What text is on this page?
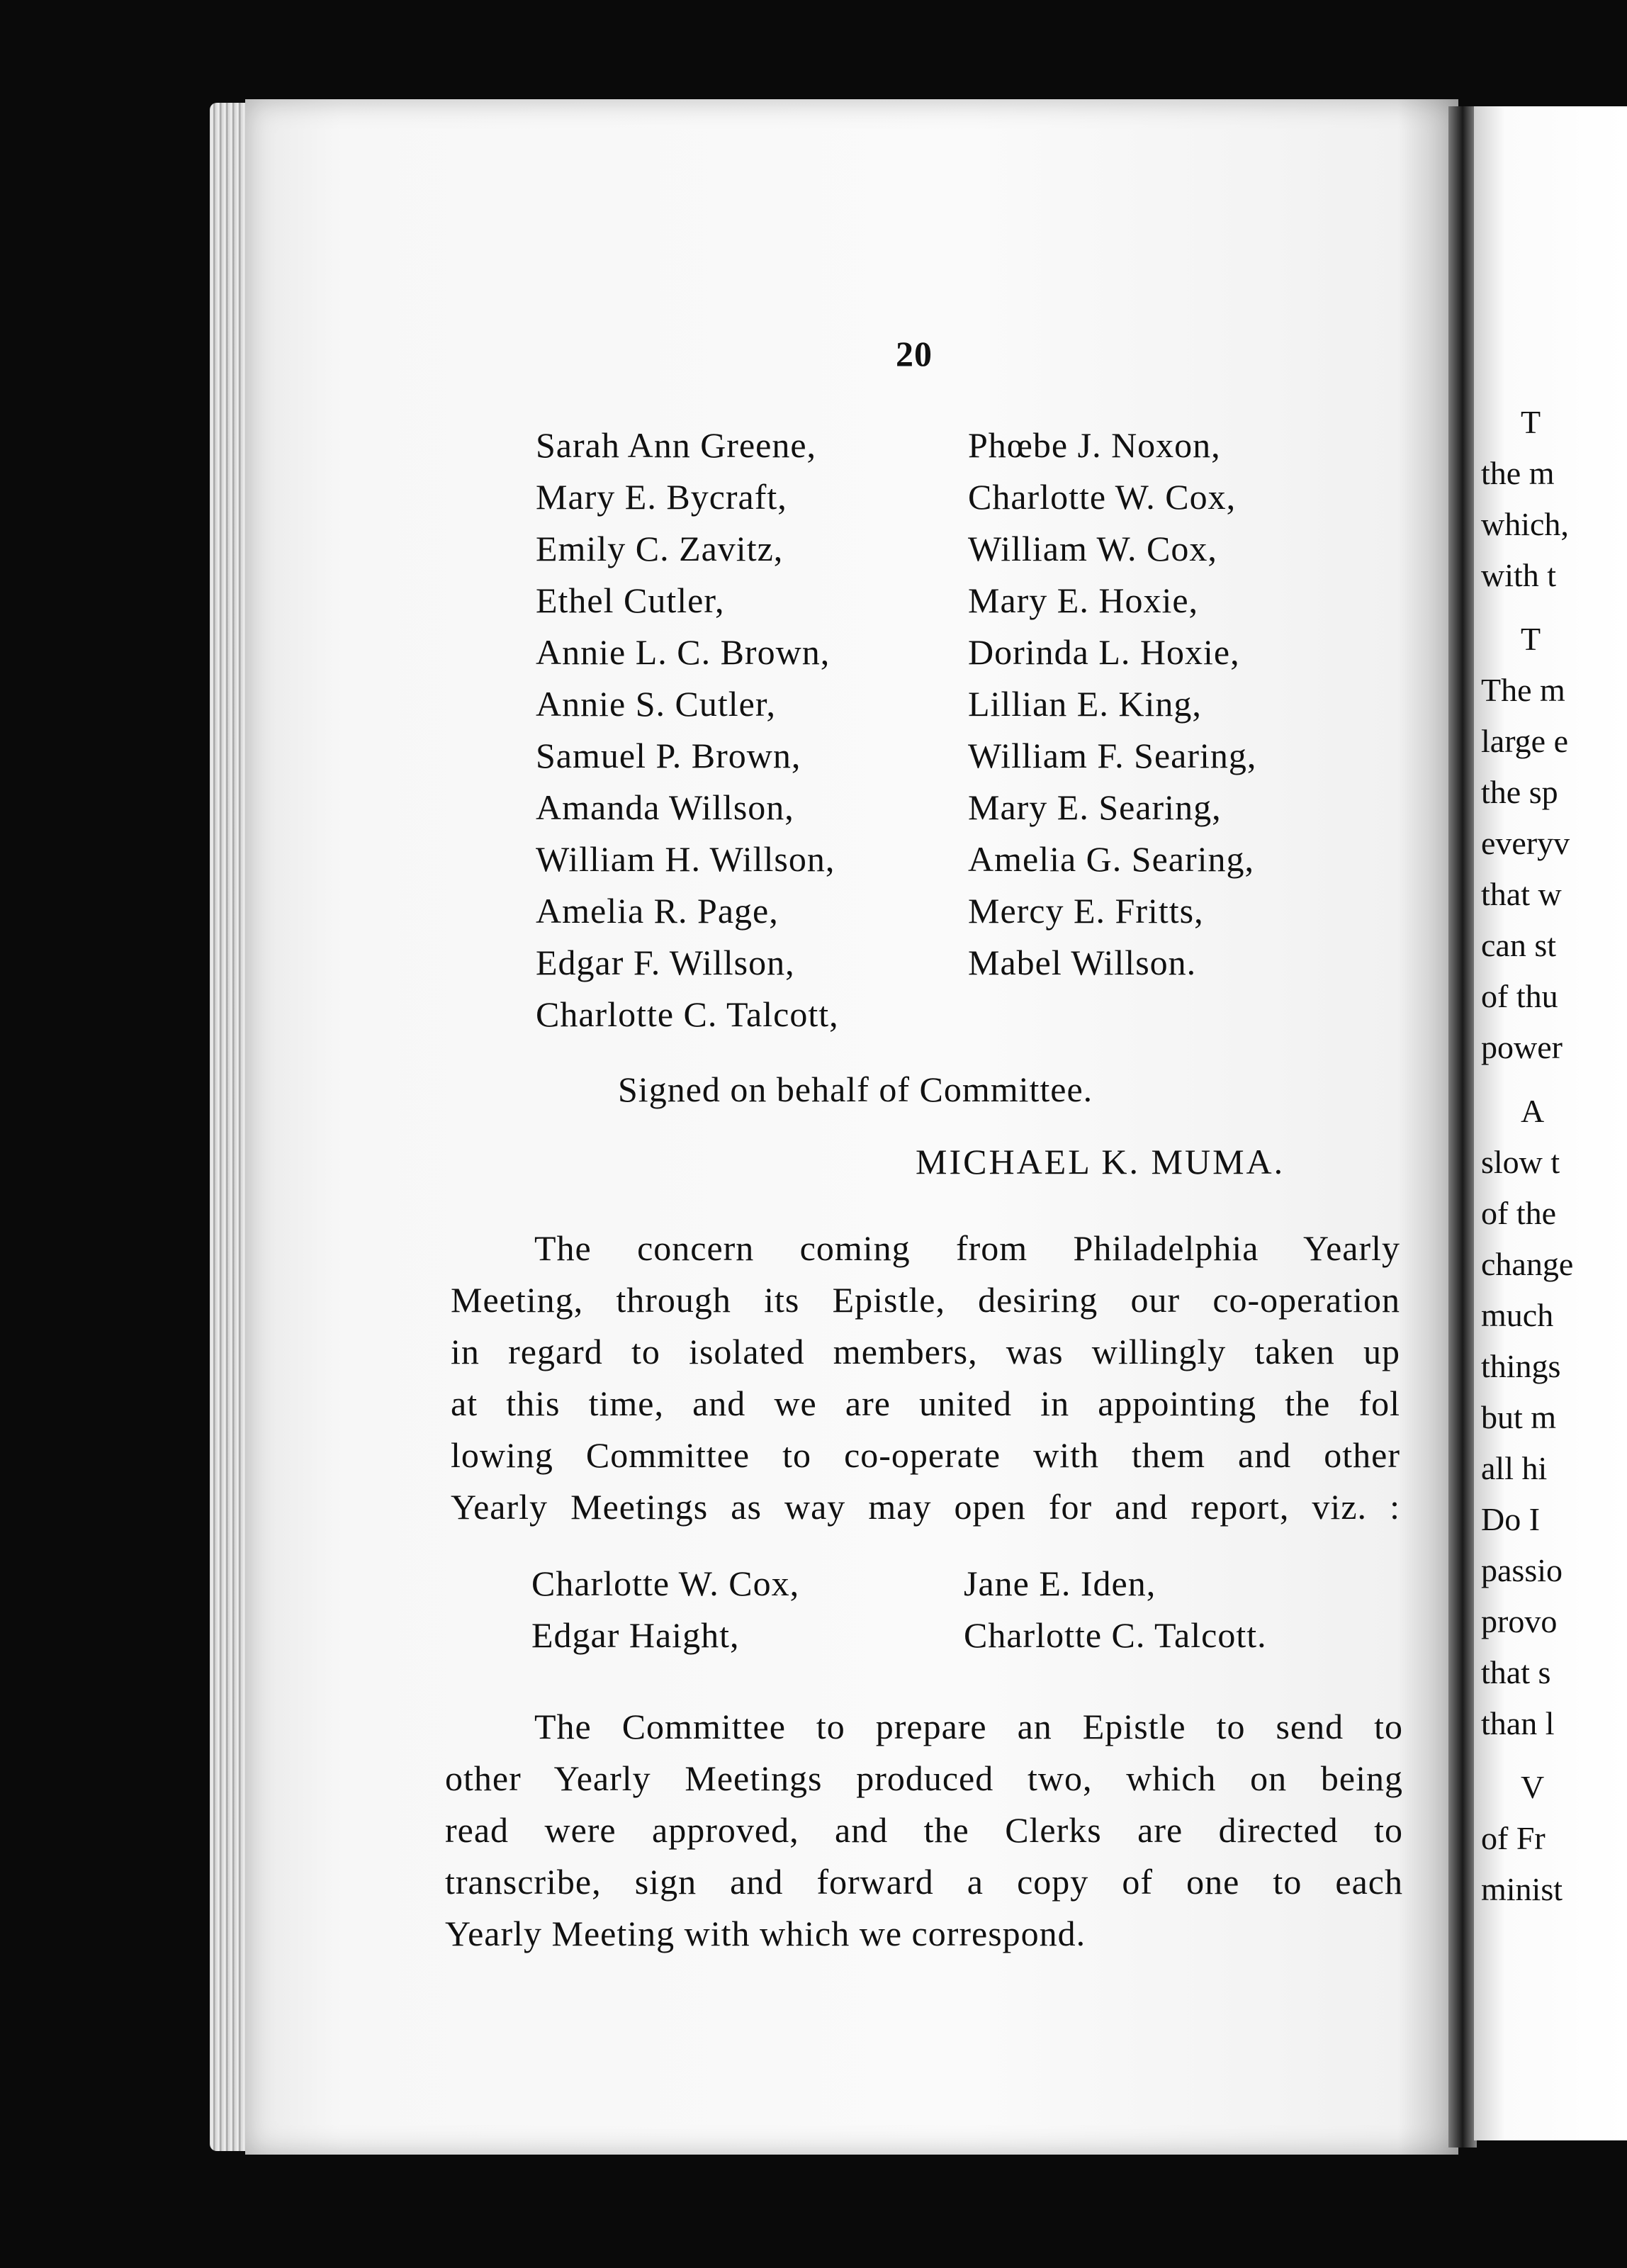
20
Sarah Ann Greene,
Mary E. Bycraft,
Emily C. Zavitz,
Ethel Cutler,
Annie L. C. Brown,
Annie S. Cutler,
Samuel P. Brown,
Amanda Willson,
William H. Willson,
Amelia R. Page,
Edgar F. Willson,
Charlotte C. Talcott,
Phœbe J. Noxon,
Charlotte W. Cox,
William W. Cox,
Mary E. Hoxie,
Dorinda L. Hoxie,
Lillian E. King,
William F. Searing,
Mary E. Searing,
Amelia G. Searing,
Mercy E. Fritts,
Mabel Willson.
Signed on behalf of Committee.
MICHAEL K. MUMA.
The concern coming from Philadelphia Yearly
Meeting, through its Epistle, desiring our co-operation
in regard to isolated members, was willingly taken up
at this time, and we are united in appointing the fol
lowing Committee to co-operate with them and other
Yearly Meetings as way may open for and report, viz. :
Charlotte W. Cox,
Edgar Haight,
Jane E. Iden,
Charlotte C. Talcott.
The Committee to prepare an Epistle to send to
other Yearly Meetings produced two, which on being
read were approved, and the Clerks are directed to
transcribe, sign and forward a copy of one to each
Yearly Meeting with which we correspond.
T
the m
which,
with t
T
The m
large e
the sp
everyv
that w
can st
of thu
power
A
slow t
of the
change
much
things
but m
all hi
Do I
passio
provo
that s
than l
V
of Fr
minist
